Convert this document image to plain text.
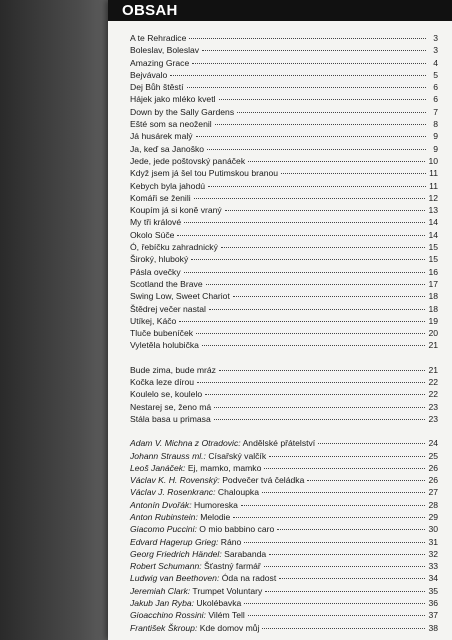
OBSAH
A te Rehradice	3
Boleslav, Boleslav	3
Amazing Grace	4
Bejvávalo	5
Dej Bůh štěstí	6
Hájek jako mléko kvetl	6
Down by the Sally Gardens	7
Ešté som sa neoženil	8
Já husárek malý	9
Ja, keď sa Janoško	9
Jede, jede poštovský panáček	10
Když jsem já šel tou Putimskou branou	11
Kebych byla jahodú	11
Komáři se ženili	12
Koupím já si koně vraný	13
My tři králové	14
Okolo Súče	14
Ó, řebíčku zahradnický	15
Široký, hluboký	15
Pásla ovečky	16
Scotland the Brave	17
Swing Low, Sweet Chariot	18
Štědrej večer nastal	18
Utíkej, Káčo	19
Tluče bubeníček	20
Vyletěla holubička	21
Bude zima, bude mráz	21
Kočka leze dírou	22
Koulelo se, koulelo	22
Nestarej se, ženo má	23
Stála basa u primasa	23
Adam V. Michna z Otradovic: Andělské přátelství	24
Johann Strauss ml.: Císařský valčík	25
Leoš Janáček: Ej, mamko, mamko	26
Václav K. H. Rovenský: Podvečer tvá čeládka	26
Václav J. Rosenkranc: Chaloupka	27
Antonín Dvořák: Humoreska	28
Anton Rubinstein: Melodie	29
Giacomo Puccini: O mio babbino caro	30
Edvard Hagerup Grieg: Ráno	31
Georg Friedrich Händel: Sarabanda	32
Robert Schumann: Šťastný farmář	33
Ludwig van Beethoven: Óda na radost	34
Jeremiah Clark: Trumpet Voluntary	35
Jakub Jan Ryba: Ukolébavka	36
Gioacchino Rossini: Vilém Tell	37
František Škroup: Kde domov můj	38
